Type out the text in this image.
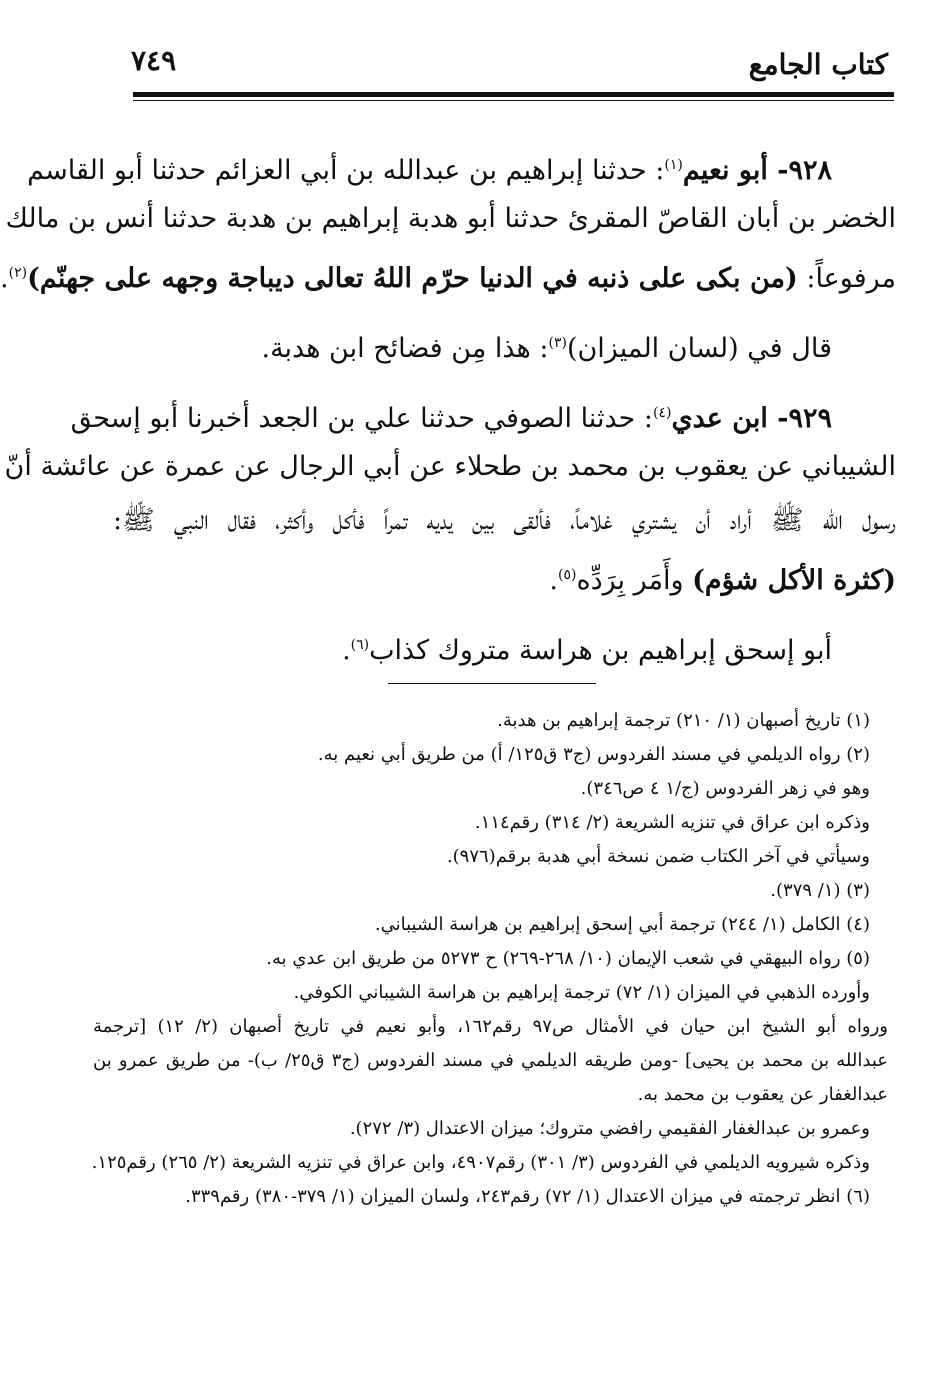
كتاب الجامع
٧٤٩
٩٢٨- أبو نعيم$^{(١)}$: حدثنا إبراهيم بن عبدالله بن أبي العزائم حدثنا أبو القاسم
الخضر بن أبان القاصّ المقرئ حدثنا أبو هدبة إبراهيم بن هدبة حدثنا أنس بن مالك
مرفوعاً: (من بكى على ذنبه في الدنيا حرّم اللهُ تعالى ديباجة وجهه على جهنّم)$^{(٢)}$.
قال في (لسان الميزان)$^{(٣)}$: هذا مِن فضائح ابن هدبة.
٩٢٩- ابن عدي$^{(٤)}$: حدثنا الصوفي حدثنا علي بن الجعد أخبرنا أبو إسحق
الشيباني عن يعقوب بن محمد بن طحلاء عن أبي الرجال عن عمرة عن عائشة أنّ
رسول الله ﷺ أراد أن يشتري غلاماً، فألقى بين يديه تمراً فأكل وأكثر، فقال النبي ﷺ:
(كثرة الأكل شؤم) وأَمَر بِرَدِّه$^{(٥)}$.
أبو إسحق إبراهيم بن هراسة متروك كذاب$^{(٦)}$.
(١) تاريخ أصبهان (١/ ٢١٠) ترجمة إبراهيم بن هدبة.
(٢) رواه الديلمي في مسند الفردوس (ج٣ ق١٢٥/ أ) من طريق أبي نعيم به.
وهو في زهر الفردوس (ج/١ ٤ ص٣٤٦).
وذكره ابن عراق في تنزيه الشريعة (٢/ ٣١٤) رقم١١٤.
وسيأتي في آخر الكتاب ضمن نسخة أبي هدبة برقم(٩٧٦).
(٣) (١/ ٣٧٩).
(٤) الكامل (١/ ٢٤٤) ترجمة أبي إسحق إبراهيم بن هراسة الشيباني.
(٥) رواه البيهقي في شعب الإيمان (١٠/ ٢٦٨-٢٦٩) ح ٥٢٧٣ من طريق ابن عدي به.
وأورده الذهبي في الميزان (١/ ٧٢) ترجمة إبراهيم بن هراسة الشيباني الكوفي.
ورواه أبو الشيخ ابن حيان في الأمثال ص٩٧ رقم١٦٢، وأبو نعيم في تاريخ أصبهان (٢/ ١٢) [ترجمة
عبدالله بن محمد بن يحيى] -ومن طريقه الديلمي في مسند الفردوس (ج٣ ق٢٥/ ب)- من طريق عمرو بن
عبدالغفار عن يعقوب بن محمد به.
وعمرو بن عبدالغفار الفقيمي رافضي متروك؛ ميزان الاعتدال (٣/ ٢٧٢).
وذكره شيرويه الديلمي في الفردوس (٣/ ٣٠١) رقم٤٩٠٧، وابن عراق في تنزيه الشريعة (٢/ ٢٦٥) رقم١٢٥.
(٦) انظر ترجمته في ميزان الاعتدال (١/ ٧٢) رقم٢٤٣، ولسان الميزان (١/ ٣٧٩-٣٨٠) رقم٣٣٩.
